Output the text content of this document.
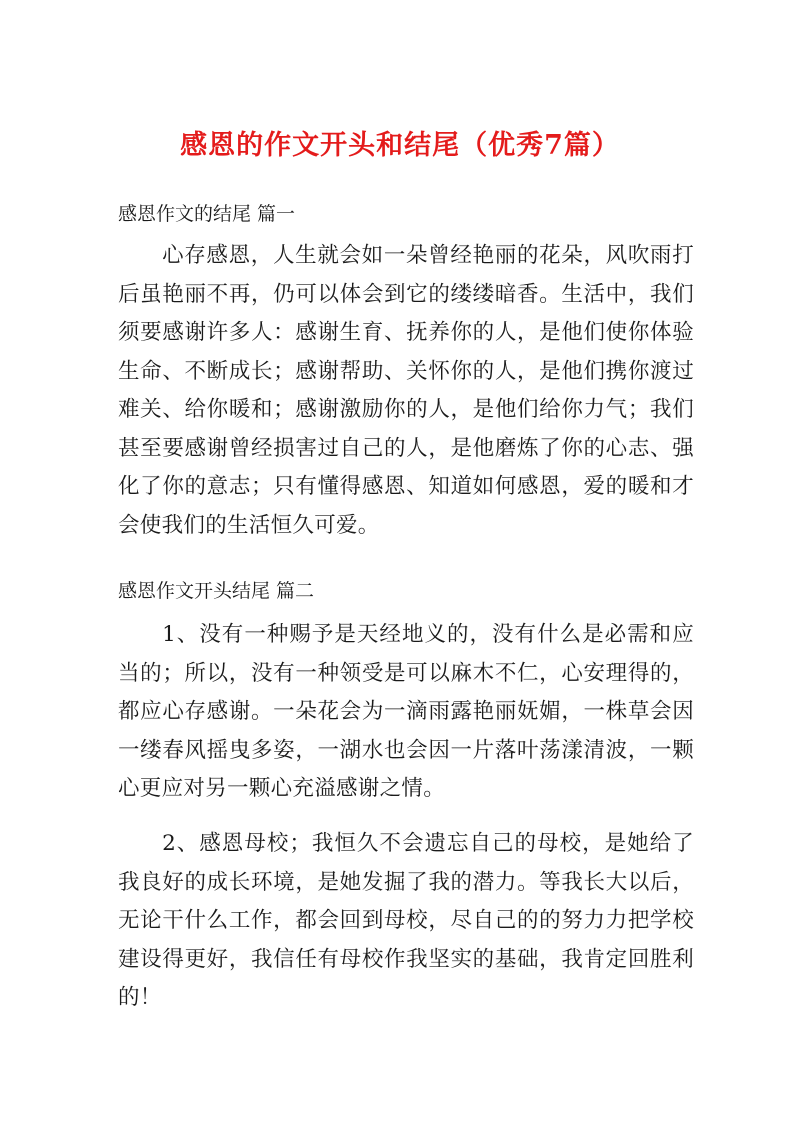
感恩的作文开头和结尾（优秀7篇）
感恩作文的结尾 篇一

心存感恩，人生就会如一朵曾经艳丽的花朵，风吹雨打后虽艳丽不再，仍可以体会到它的缕缕暗香。生活中，我们须要感谢许多人：感谢生育、抚养你的人，是他们使你体验生命、不断成长；感谢帮助、关怀你的人，是他们携你渡过难关、给你暖和；感谢激励你的人，是他们给你力气；我们甚至要感谢曾经损害过自己的人，是他磨炼了你的心志、强化了你的意志；只有懂得感恩、知道如何感恩，爱的暖和才会使我们的生活恒久可爱。

感恩作文开头结尾 篇二

1、没有一种赐予是天经地义的，没有什么是必需和应当的；所以，没有一种领受是可以麻木不仁，心安理得的，都应心存感谢。一朵花会为一滴雨露艳丽妩媚，一株草会因一缕春风摇曳多姿，一湖水也会因一片落叶荡漾清波，一颗心更应对另一颗心充溢感谢之情。

2、感恩母校；我恒久不会遗忘自己的母校，是她给了我良好的成长环境，是她发掘了我的潜力。等我长大以后，无论干什么工作，都会回到母校，尽自己的的努力力把学校建设得更好，我信任有母校作我坚实的基础，我肯定回胜利的！
